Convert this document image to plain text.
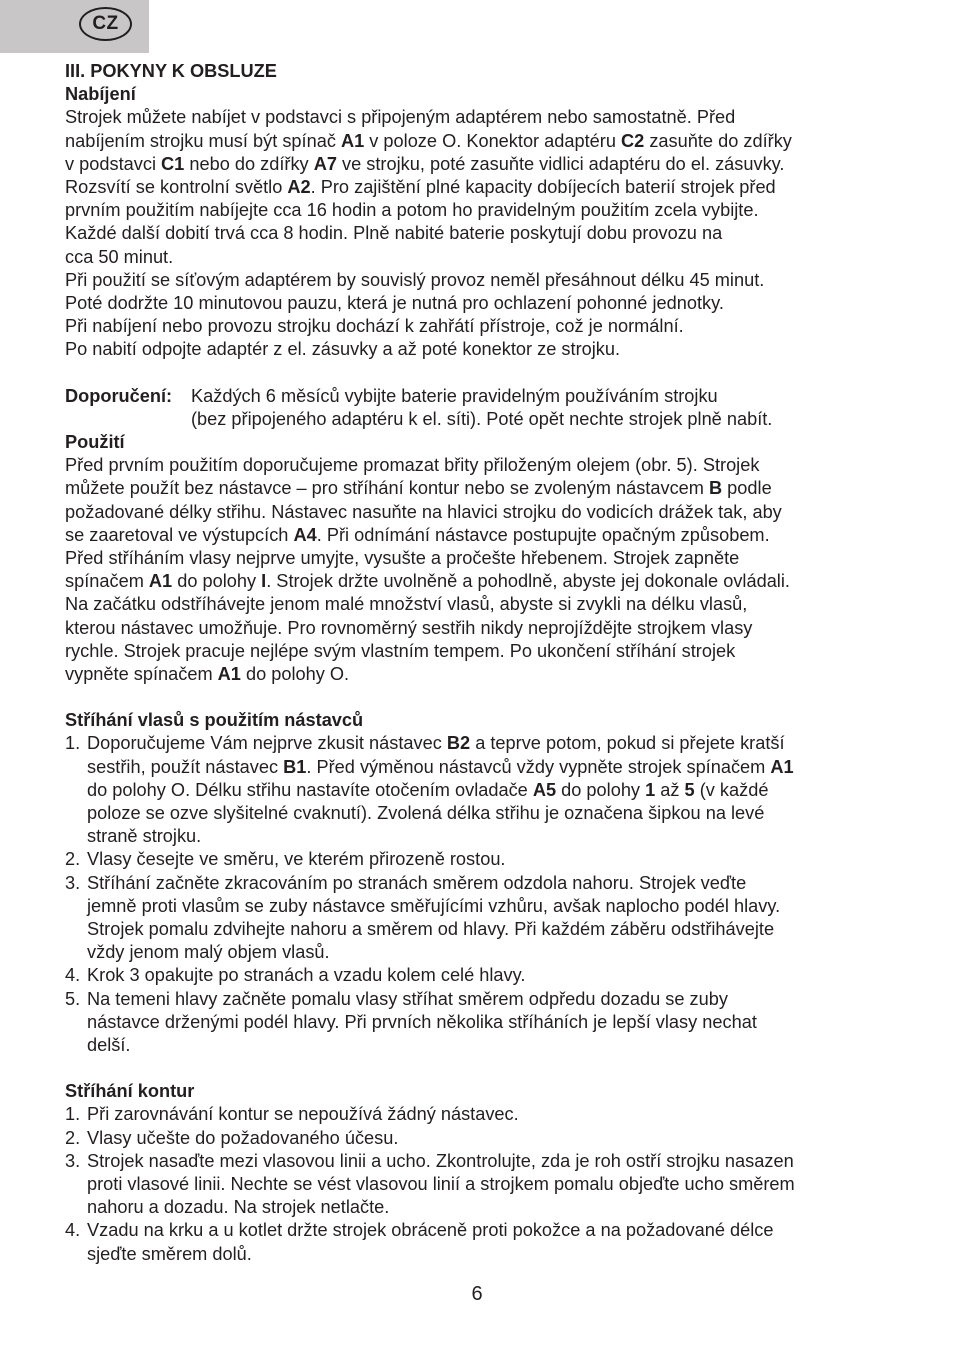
CZ
III. POKYNY K OBSLUZE
Nabíjení
Strojek můžete nabíjet v podstavci s připojeným adaptérem nebo samostatně. Před
nabíjením strojku musí být spínač A1 v poloze O. Konektor adaptéru C2 zasuňte do zdířky
v podstavci C1 nebo do zdířky A7 ve strojku, poté zasuňte vidlici adaptéru do el. zásuvky.
Rozsvítí se kontrolní světlo A2. Pro zajištění plné kapacity dobíjecích baterií strojek před
prvním použitím nabíjejte cca 16 hodin a potom ho pravidelným použitím zcela vybijte.
Každé další dobití trvá cca 8 hodin. Plně nabité baterie poskytují dobu provozu na
cca 50 minut.
Při použití se síťovým adaptérem by souvislý provoz neměl přesáhnout délku 45 minut.
Poté dodržte 10 minutovou pauzu, která je nutná pro ochlazení pohonné jednotky.
Při nabíjení nebo provozu strojku dochází k zahřátí přístroje, což je normální.
Po nabití odpojte adaptér z el. zásuvky a až poté konektor ze strojku.

Doporučení:

Každých 6 měsíců vybijte baterie pravidelným používáním strojku

(bez připojeného adaptéru k el. síti). Poté opět nechte strojek plně nabít.

Použití
Před prvním použitím doporučujeme promazat břity přiloženým olejem (obr. 5). Strojek
můžete použít bez nástavce – pro stříhání kontur nebo se zvoleným nástavcem B podle
požadované délky střihu. Nástavec nasuňte na hlavici strojku do vodicích drážek tak, aby
se zaaretoval ve výstupcích A4. Při odnímání nástavce postupujte opačným způsobem.
Před stříháním vlasy nejprve umyjte, vysušte a pročešte hřebenem. Strojek zapněte
spínačem A1 do polohy I. Strojek držte uvolněně a pohodlně, abyste jej dokonale ovládali.
Na začátku odstříhávejte jenom malé množství vlasů, abyste si zvykli na délku vlasů,
kterou nástavec umožňuje. Pro rovnoměrný sestřih nikdy neprojíždějte strojkem vlasy
rychle. Strojek pracuje nejlépe svým vlastním tempem. Po ukončení stříhání strojek
vypněte spínačem A1 do polohy O.
Stříhání vlasů s použitím nástavců
1. Doporučujeme Vám nejprve zkusit nástavec B2 a teprve potom, pokud si přejete kratší
sestřih, použít nástavec B1. Před výměnou nástavců vždy vypněte strojek spínačem A1
do polohy O. Délku střihu nastavíte otočením ovladače A5 do polohy 1 až 5 (v každé
poloze se ozve slyšitelné cvaknutí). Zvolená délka střihu je označena šipkou na levé
straně strojku.
2. Vlasy česejte ve směru, ve kterém přirozeně rostou.
3. Stříhání začněte zkracováním po stranách směrem odzdola nahoru. Strojek veďte
jemně proti vlasům se zuby nástavce směřujícími vzhůru, avšak naplocho podél hlavy.
Strojek pomalu zdvihejte nahoru a směrem od hlavy. Při každém záběru odstřihávejte
vždy jenom malý objem vlasů.
4. Krok 3 opakujte po stranách a vzadu kolem celé hlavy.
5. Na temeni hlavy začněte pomalu vlasy stříhat směrem odpředu dozadu se zuby
nástavce drženými podél hlavy. Při prvních několika stříháních je lepší vlasy nechat
delší.
Stříhání kontur
1. Při zarovnávání kontur se nepoužívá žádný nástavec.
2. Vlasy učešte do požadovaného účesu.
3. Strojek nasaďte mezi vlasovou linii a ucho. Zkontrolujte, zda je roh ostří strojku nasazen
proti vlasové linii. Nechte se vést vlasovou linií a strojkem pomalu objeďte ucho směrem
nahoru a dozadu. Na strojek netlačte.
4. Vzadu na krku a u kotlet držte strojek obráceně proti pokožce a na požadované délce
sjeďte směrem dolů.
6
